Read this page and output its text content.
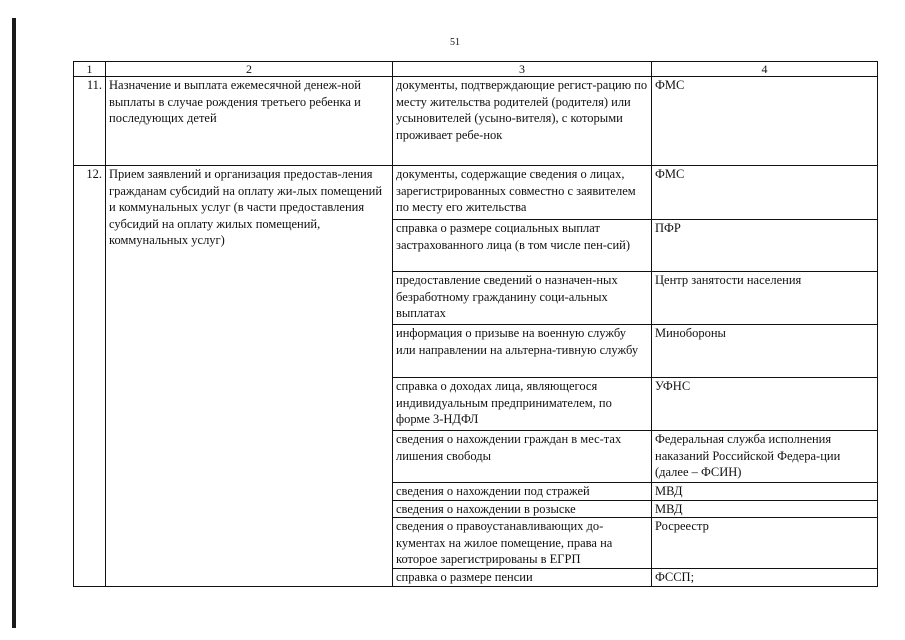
51
1	2	3	4
11.	Назначение и выплата ежемесячной денеж-ной выплаты в случае рождения третьего ребенка и последующих детей	документы, подтверждающие регист-рацию по месту жительства родителей (родителя) или усыновителей (усыно-вителя), с которыми проживает ребе-нок	ФМС
12.	Прием заявлений и организация предостав-ления гражданам субсидий на оплату жи-лых помещений и коммунальных услуг (в части предоставления субсидий на оплату жилых помещений, коммунальных услуг)	документы, содержащие сведения о лицах, зарегистрированных совместно с заявителем по месту его жительства	ФМС
		справка о размере социальных выплат застрахованного лица (в том числе пен-сий)	ПФР
		предоставление сведений о назначен-ных безработному гражданину соци-альных выплатах	Центр занятости населения
		информация о призыве на военную службу или направлении на альтерна-тивную службу	Минобороны
		справка о доходах лица, являющегося индивидуальным предпринимателем, по форме 3-НДФЛ	УФНС
		сведения о нахождении граждан в мес-тах лишения свободы	Федеральная служба исполнения наказаний Российской Федера-ции (далее – ФСИН)
		сведения о нахождении под стражей	МВД
		сведения о нахождении в розыске	МВД
		сведения о правоустанавливающих до-кументах на жилое помещение, права на которое зарегистрированы в ЕГРП	Росреестр
		справка о размере пенсии	ФССП;
